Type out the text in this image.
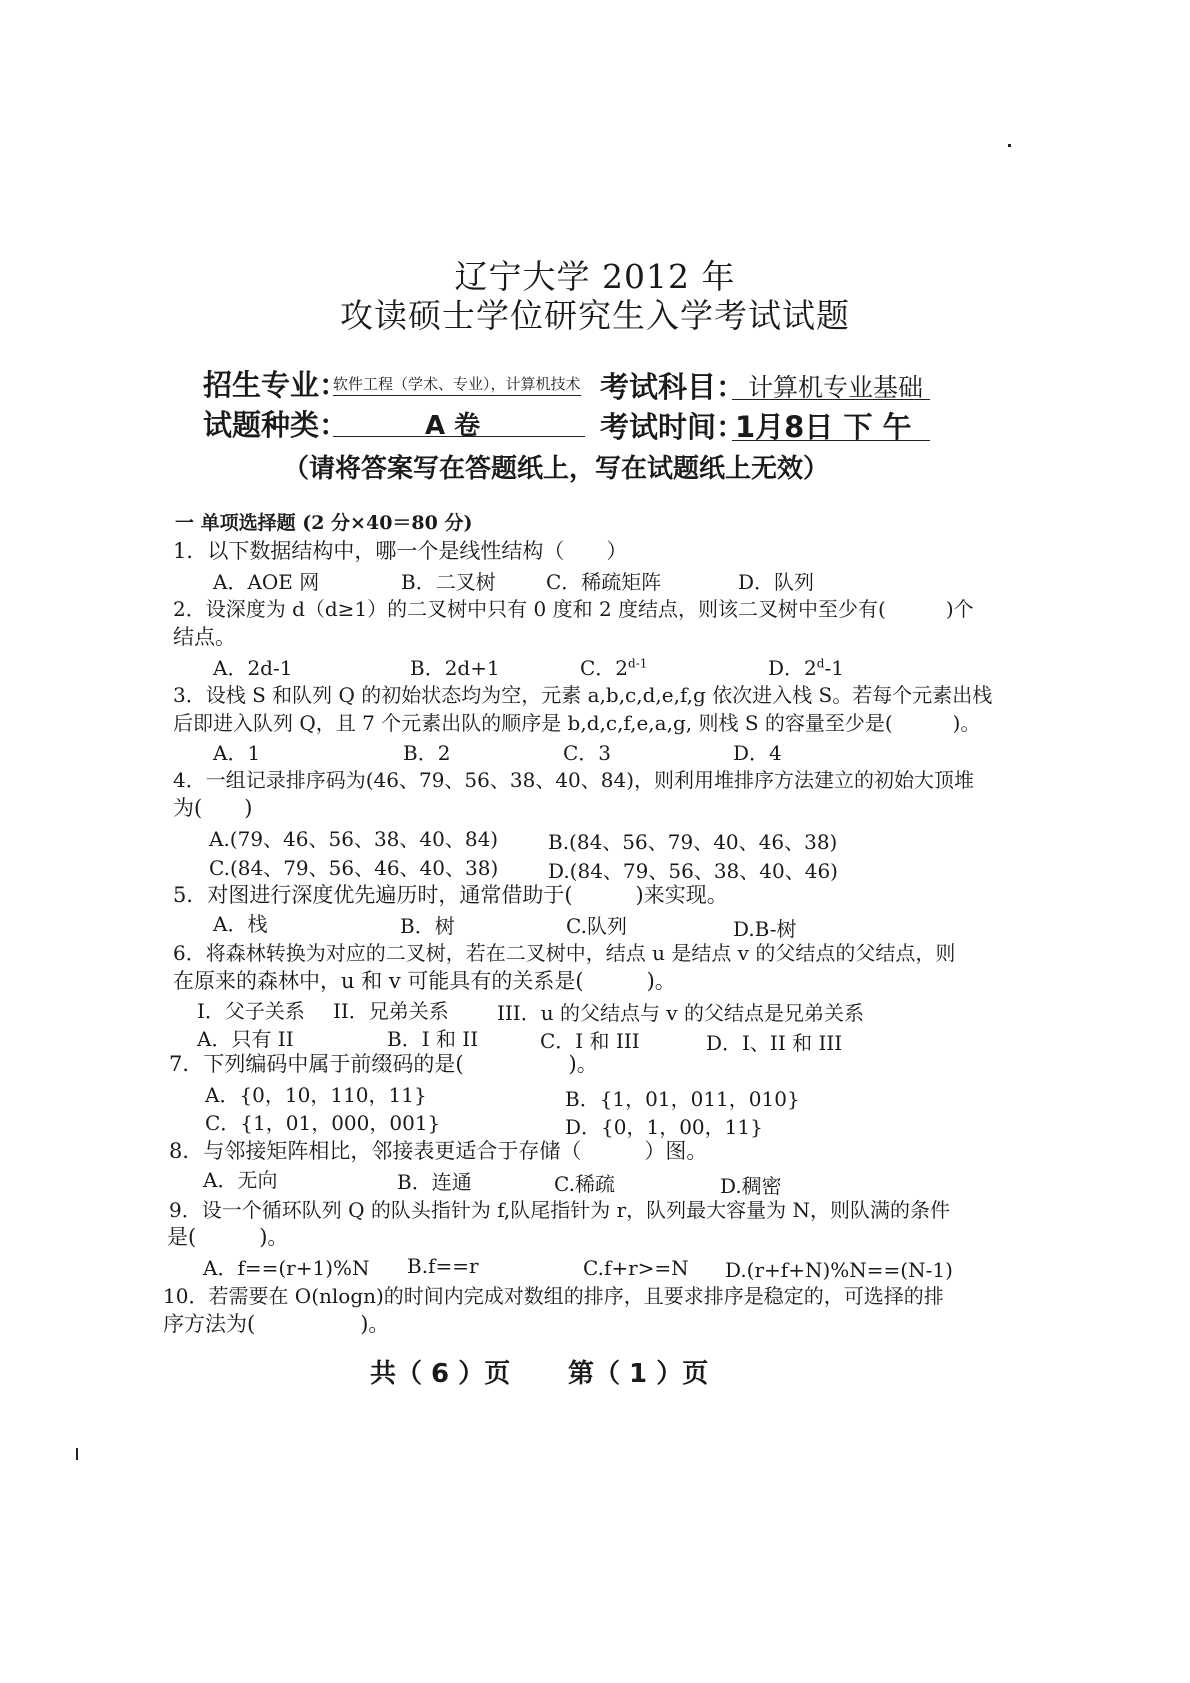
辽宁大学 2012 年
攻读硕士学位研究生入学考试试题
招生专业：
软件工程（学术、专业），计算机技术 考试科目： 计算机专业基础
试题种类：	A 卷	考试时间：
1月8日 下 午
（请将答案写在答题纸上，写在试题纸上无效）
一 单项选择题 (2 分×40＝80 分)
1．以下数据结构中，哪一个是线性结构（　　）
A．AOE 网	B．二叉树	C．稀疏矩阵	D．队列
2．设深度为 d（d≥1）的二叉树中只有 0 度和 2 度结点，则该二叉树中至少有(　　　)个
结点。
A．2d-1	B．2d+1	C．2$^{d-1}$	D．2$^d$-1
3．设栈 S 和队列 Q 的初始状态均为空，元素 a,b,c,d,e,f,g 依次进入栈 S。若每个元素出栈
后即进入队列 Q，且 7 个元素出队的顺序是 b,d,c,f,e,a,g, 则栈 S 的容量至少是(　　　)。
A．1	B．2	C．3	D．4
4．一组记录排序码为(46、79、56、38、40、84)，则利用堆排序方法建立的初始大顶堆
为(　　)
A.(79、46、56、38、40、84) B.(84、56、79、40、46、38)
C.(84、79、56、46、40、38) D.(84、79、56、38、40、46)
5．对图进行深度优先遍历时，通常借助于(　　　)来实现。
A．栈	B．树	C.队列	D.B-树
6．将森林转换为对应的二叉树，若在二叉树中，结点 u 是结点 v 的父结点的父结点，则
在原来的森林中，u 和 v 可能具有的关系是(　　　)。
I．父子关系 II．兄弟关系 III．u 的父结点与 v 的父结点是兄弟关系
A．只有 II	B．I 和 II	C．I 和 III	D．I、II 和 III
7．下列编码中属于前缀码的是(　　　　　)。
A．{0，10，110，11}	B．{1，01，011，010}
C．{1，01，000，001}	D．{0，1，00，11}
8．与邻接矩阵相比，邻接表更适合于存储（　　　）图。
A．无向	B．连通	C.稀疏	D.稠密
9．设一个循环队列 Q 的队头指针为 f,队尾指针为 r，队列最大容量为 N，则队满的条件
是(　　　)。
A．f==(r+1)%N B.f==r	C.f+r>=N D.(r+f+N)%N==(N-1)
10．若需要在 O(nlogn)的时间内完成对数组的排序，且要求排序是稳定的，可选择的排
序方法为(　　　　　)。
共（ 6 ）页 第（ 1 ）页
